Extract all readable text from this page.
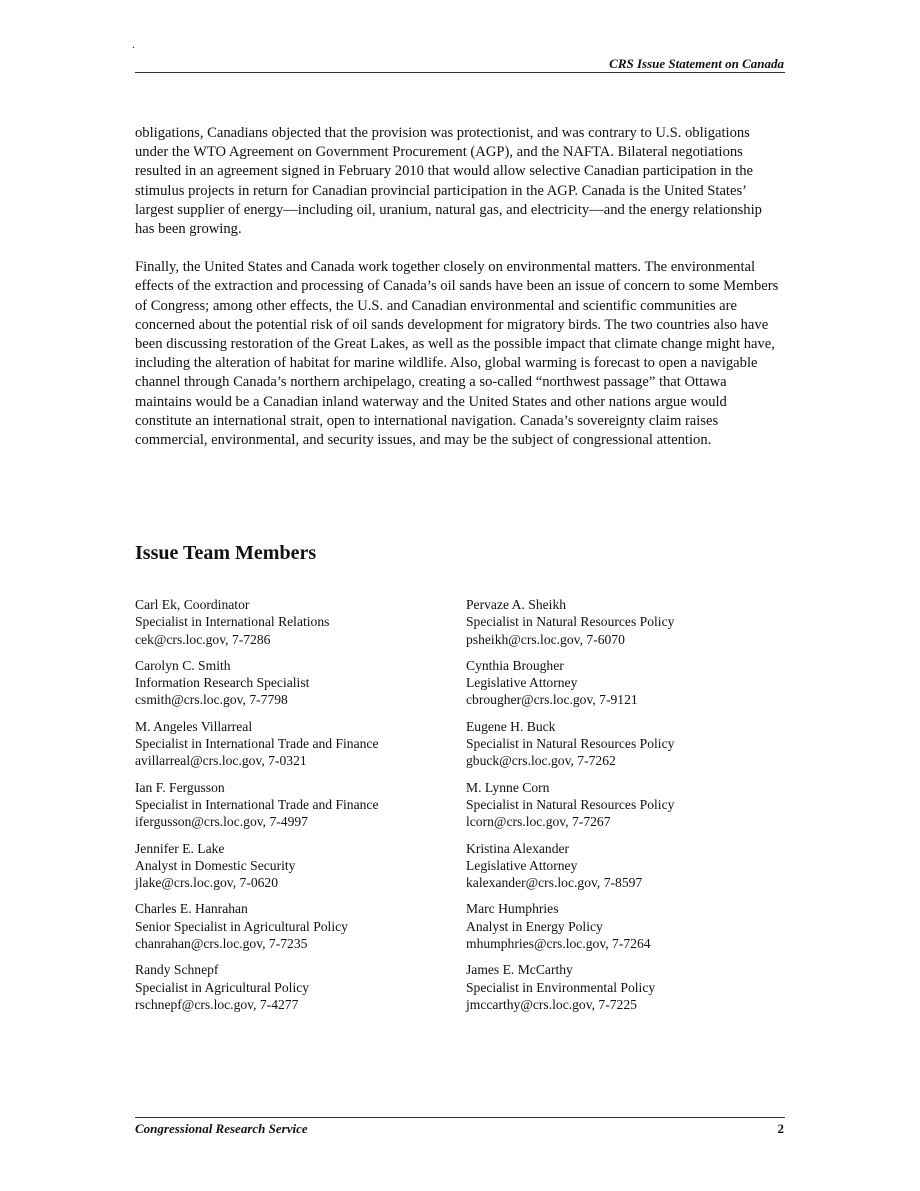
.
CRS Issue Statement on Canada

obligations, Canadians objected that the provision was protectionist, and was contrary to U.S. obligations under the WTO Agreement on Government Procurement (AGP), and the NAFTA. Bilateral negotiations resulted in an agreement signed in February 2010 that would allow selective Canadian participation in the stimulus projects in return for Canadian provincial participation in the AGP. Canada is the United States’ largest supplier of energy—including oil, uranium, natural gas, and electricity—and the energy relationship has been growing.

Finally, the United States and Canada work together closely on environmental matters. The environmental effects of the extraction and processing of Canada’s oil sands have been an issue of concern to some Members of Congress; among other effects, the U.S. and Canadian environmental and scientific communities are concerned about the potential risk of oil sands development for migratory birds. The two countries also have been discussing restoration of the Great Lakes, as well as the possible impact that climate change might have, including the alteration of habitat for marine wildlife. Also, global warming is forecast to open a navigable channel through Canada’s northern archipelago, creating a so-called “northwest passage” that Ottawa maintains would be a Canadian inland waterway and the United States and other nations argue would constitute an international strait, open to international navigation. Canada’s sovereignty claim raises commercial, environmental, and security issues, and may be the subject of congressional attention.

Issue Team Members
Carl Ek, Coordinator
Specialist in International Relations
cek@crs.loc.gov, 7-7286
Pervaze A. Sheikh
Specialist in Natural Resources Policy
psheikh@crs.loc.gov, 7-6070
Carolyn C. Smith
Information Research Specialist
csmith@crs.loc.gov, 7-7798
Cynthia Brougher
Legislative Attorney
cbrougher@crs.loc.gov, 7-9121
M. Angeles Villarreal
Specialist in International Trade and Finance
avillarreal@crs.loc.gov, 7-0321
Eugene H. Buck
Specialist in Natural Resources Policy
gbuck@crs.loc.gov, 7-7262
Ian F. Fergusson
Specialist in International Trade and Finance
ifergusson@crs.loc.gov, 7-4997
M. Lynne Corn
Specialist in Natural Resources Policy
lcorn@crs.loc.gov, 7-7267
Jennifer E. Lake
Analyst in Domestic Security
jlake@crs.loc.gov, 7-0620
Kristina Alexander
Legislative Attorney
kalexander@crs.loc.gov, 7-8597
Charles E. Hanrahan
Senior Specialist in Agricultural Policy
chanrahan@crs.loc.gov, 7-7235
Marc Humphries
Analyst in Energy Policy
mhumphries@crs.loc.gov, 7-7264
Randy Schnepf
Specialist in Agricultural Policy
rschnepf@crs.loc.gov, 7-4277
James E. McCarthy
Specialist in Environmental Policy
jmccarthy@crs.loc.gov, 7-7225
Congressional Research Service	2
